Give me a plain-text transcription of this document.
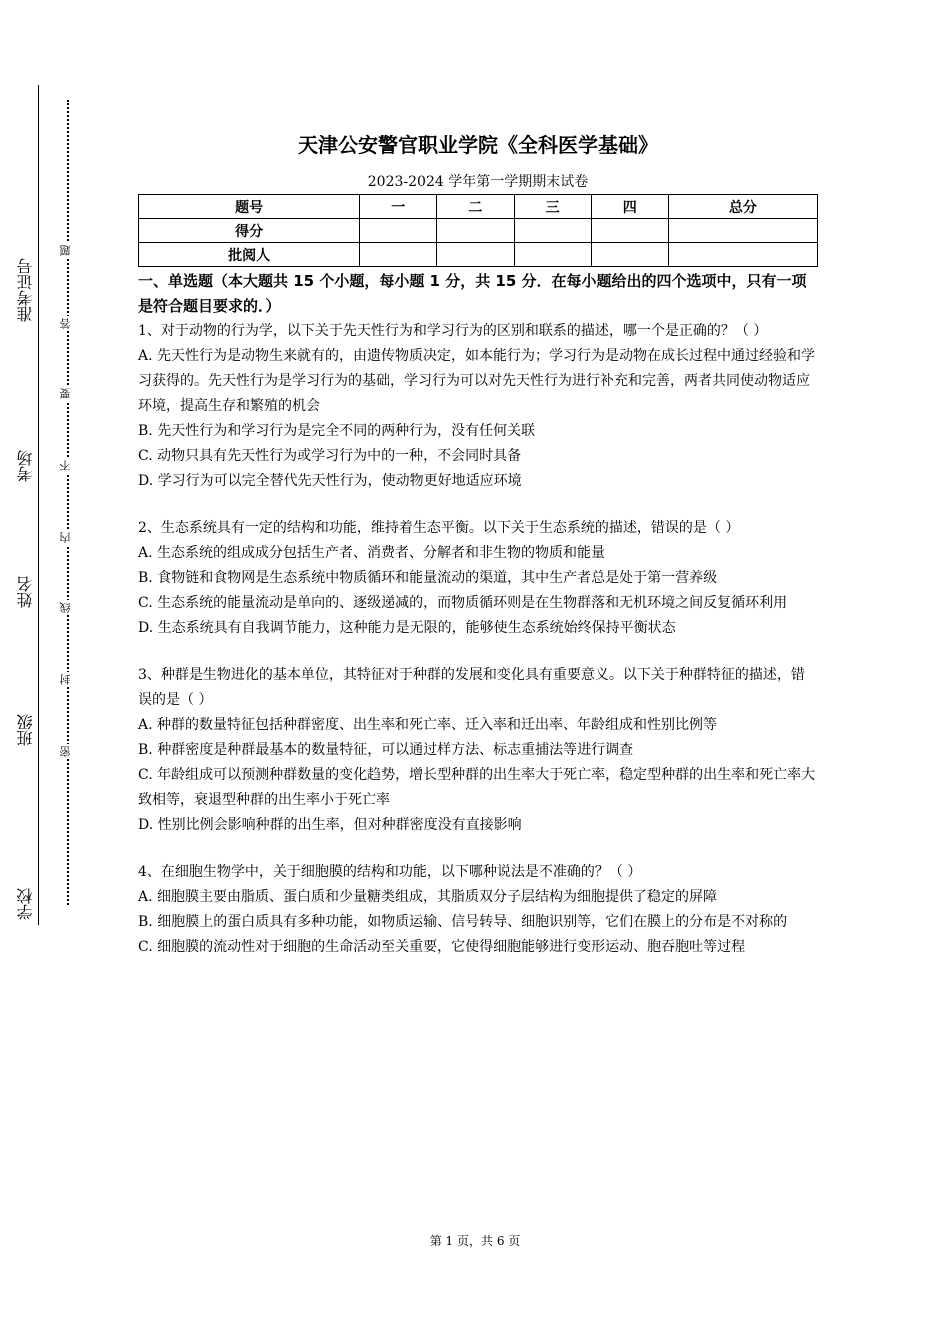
准考证号
考场
姓名
班级
学校
题
答
要
不
内
线
封
密
天津公安警官职业学院《全科医学基础》
2023-2024 学年第一学期期末试卷
题号	一	二	三	四	总分
得分					
批阅人					
一、单选题（本大题共 15 个小题，每小题 1 分，共 15 分．在每小题给出的四个选项中，只有一项是符合题目要求的．）

1、对于动物的行为学，以下关于先天性行为和学习行为的区别和联系的描述，哪一个是正确的？（ ）

A. 先天性行为是动物生来就有的，由遗传物质决定，如本能行为；学习行为是动物在成长过程中通过经验和学习获得的。先天性行为是学习行为的基础，学习行为可以对先天性行为进行补充和完善，两者共同使动物适应环境，提高生存和繁殖的机会

B. 先天性行为和学习行为是完全不同的两种行为，没有任何关联

C. 动物只具有先天性行为或学习行为中的一种，不会同时具备

D. 学习行为可以完全替代先天性行为，使动物更好地适应环境

2、生态系统具有一定的结构和功能，维持着生态平衡。以下关于生态系统的描述，错误的是（ ）

A. 生态系统的组成成分包括生产者、消费者、分解者和非生物的物质和能量

B. 食物链和食物网是生态系统中物质循环和能量流动的渠道，其中生产者总是处于第一营养级

C. 生态系统的能量流动是单向的、逐级递减的，而物质循环则是在生物群落和无机环境之间反复循环利用

D. 生态系统具有自我调节能力，这种能力是无限的，能够使生态系统始终保持平衡状态

3、种群是生物进化的基本单位，其特征对于种群的发展和变化具有重要意义。以下关于种群特征的描述，错误的是（ ）

A. 种群的数量特征包括种群密度、出生率和死亡率、迁入率和迁出率、年龄组成和性别比例等

B. 种群密度是种群最基本的数量特征，可以通过样方法、标志重捕法等进行调查

C. 年龄组成可以预测种群数量的变化趋势，增长型种群的出生率大于死亡率，稳定型种群的出生率和死亡率大致相等，衰退型种群的出生率小于死亡率

D. 性别比例会影响种群的出生率，但对种群密度没有直接影响

4、在细胞生物学中，关于细胞膜的结构和功能，以下哪种说法是不准确的？（ ）

A. 细胞膜主要由脂质、蛋白质和少量糖类组成，其脂质双分子层结构为细胞提供了稳定的屏障

B. 细胞膜上的蛋白质具有多种功能，如物质运输、信号转导、细胞识别等，它们在膜上的分布是不对称的

C. 细胞膜的流动性对于细胞的生命活动至关重要，它使得细胞能够进行变形运动、胞吞胞吐等过程

第 1 页，共 6 页
